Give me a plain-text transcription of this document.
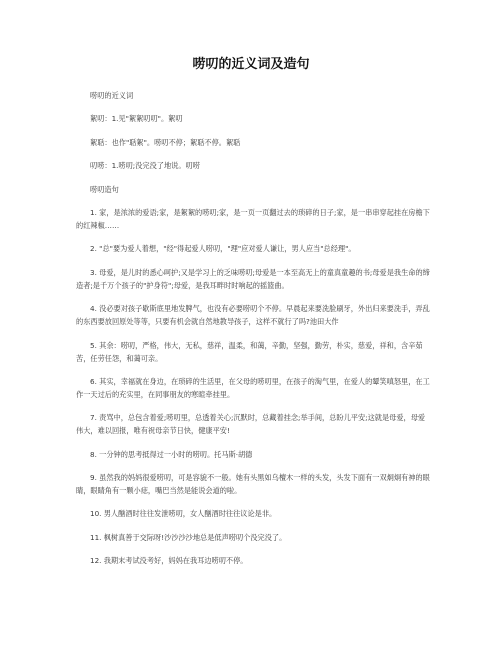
唠叨的近义词及造句

唠叨的近义词

絮叨：1.见"絮絮叨叨"。絮叨

絮聒：也作"聒絮"。唠叨不停；絮聒不停。絮聒

叨唠：1.唠叨;没完没了地说。叨唠

唠叨造句

1. 家，是浓浓的爱语;家，是絮絮的唠叨;家，是一页一页翻过去的琐碎的日子;家，是一串串穿起挂在房檐下的红辣椒……

2. "总"要为爱人着想，"经"得起爱人唠叨，"理"应对爱人谦让，男人应当"总经理"。

3. 母爱，是儿时的悉心呵护;又是学习上的乏味唠叨;母爱是一本至高无上的童真童趣的书;母爱是我生命的缔造者;是千万个孩子的"护身符";母爱，是我耳畔时时响起的摇篮曲。

4. 没必要对孩子歇斯底里地发脾气，也没有必要唠叨个不停。早晨起来要洗脸刷牙，外出归来要洗手，弄乱的东西要放回原处等等，只要有机会就自然地教导孩子，这样不就行了吗?池田大作

5. 其余：唠叨，严格，伟大，无私，慈祥，温柔，和蔼，辛勤，坚强，勤劳，朴实，慈爱，祥和，含辛茹苦，任劳任怨，和蔼可亲。

6. 其实，幸福就在身边，在琐碎的生活里，在父母的唠叨里，在孩子的淘气里，在爱人的颦笑嗔怒里，在工作一天过后的充实里，在同事朋友的寒暄牵挂里。

7. 责骂中，总包含着爱;唠叨里，总透着关心;沉默时，总藏着挂念;举手间，总盼儿平安;这就是母爱，母爱伟大，难以回报，唯有祝母亲节日快，健康平安!

8. 一分钟的思考抵得过一小时的唠叨。托马斯·胡德

9. 虽然我的妈妈很爱唠叨，可是容貌不一般。她有头黑如乌檀木一样的头发，头发下面有一双炯炯有神的眼睛，眼睛角有一颗小痣，嘴巴当然是能说会道的啦。

10. 男人酗酒时往往发泄唠叨，女人酗酒时往往议论是非。

11. 枫树真善于交际呀!沙沙沙沙地总是低声唠叨个没完没了。

12. 我期末考试没考好，妈妈在我耳边唠叨不停。
